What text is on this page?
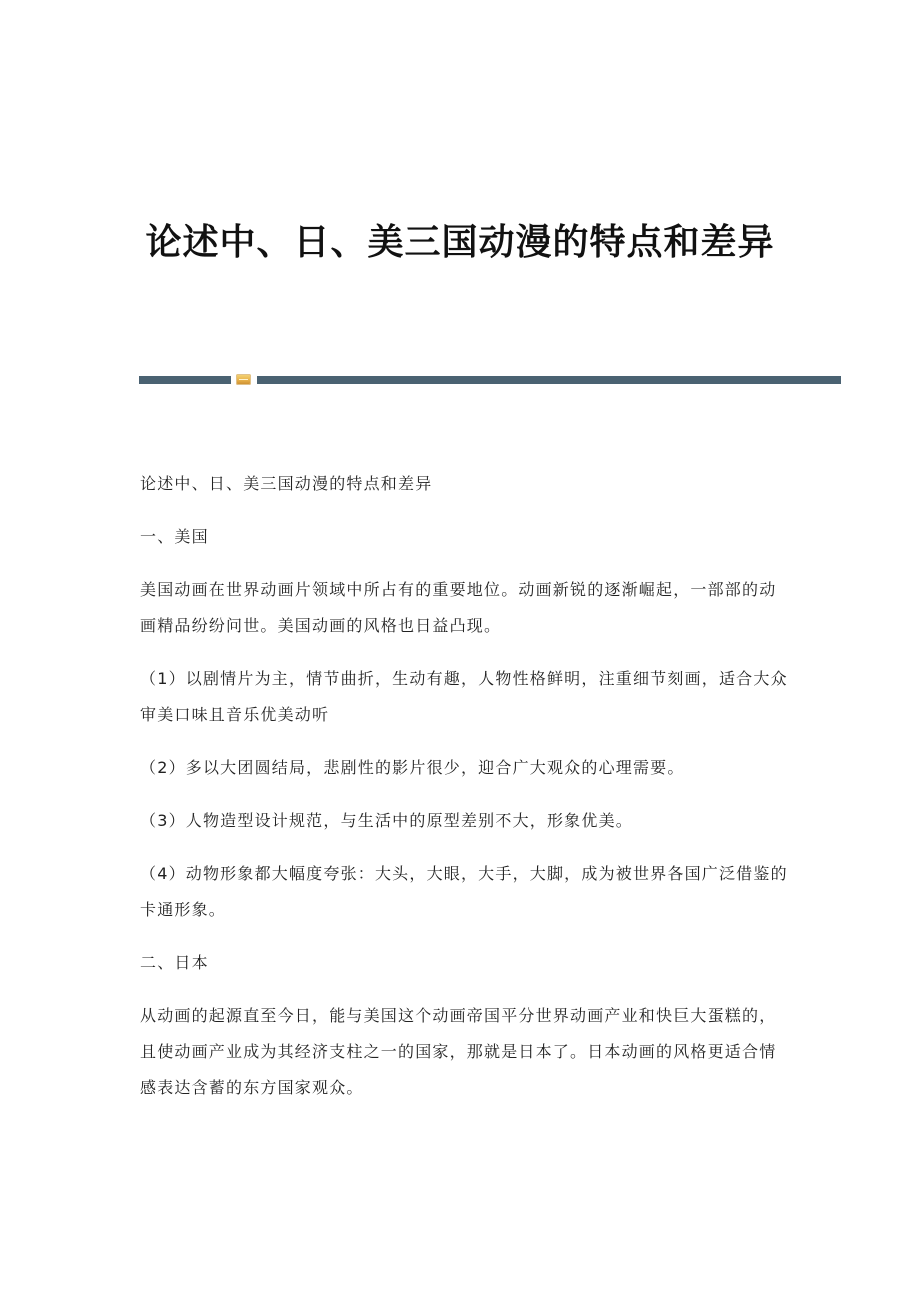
论述中、日、美三国动漫的特点和差异

论述中、日、美三国动漫的特点和差异

一、美国

美国动画在世界动画片领域中所占有的重要地位。动画新锐的逐渐崛起，一部部的动画精品纷纷问世。美国动画的风格也日益凸现。

（1）以剧情片为主，情节曲折，生动有趣，人物性格鲜明，注重细节刻画，适合大众审美口味且音乐优美动听

（2）多以大团圆结局，悲剧性的影片很少，迎合广大观众的心理需要。

（3）人物造型设计规范，与生活中的原型差别不大，形象优美。

（4）动物形象都大幅度夸张：大头，大眼，大手，大脚，成为被世界各国广泛借鉴的卡通形象。

二、日本

从动画的起源直至今日，能与美国这个动画帝国平分世界动画产业和快巨大蛋糕的，且使动画产业成为其经济支柱之一的国家，那就是日本了。日本动画的风格更适合情感表达含蓄的东方国家观众。
